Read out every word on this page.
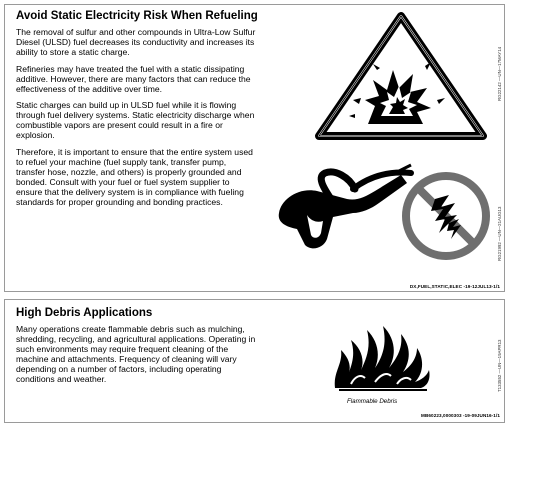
Avoid Static Electricity Risk When Refueling

The removal of sulfur and other compounds in Ultra-Low Sulfur Diesel (ULSD) fuel decreases its conductivity and increases its ability to store a static charge.

Refineries may have treated the fuel with a static dissipating additive. However, there are many factors that can reduce the effectiveness of the additive over time.

Static charges can build up in ULSD fuel while it is flowing through fuel delivery systems. Static electricity discharge when combustible vapors are present could result in a fire or explosion.

Therefore, it is important to ensure that the entire system used to refuel your machine (fuel supply tank, transfer pump, transfer hose, nozzle, and others) is properly grounded and bonded. Consult with your fuel or fuel system supplier to ensure that the delivery system is in compliance with fueling standards for proper grounding and bonding practices.

RG22142 —UN—17MAY14
RG21992 —UN—21AUG13
DX,FUEL,STATIC,ELEC -19-12JUL13-1/1
High Debris Applications

Many operations create flammable debris such as mulching, shredding, recycling, and agricultural applications. Operating in such environments may require frequent cleaning of the machine and attachments. Frequency of cleaning will vary depending on a number of factors, including operating conditions and weather.

Flammable Debris
T133552 —UN—19APR13
MB60223,0000303 -19-09JUN16-1/1
